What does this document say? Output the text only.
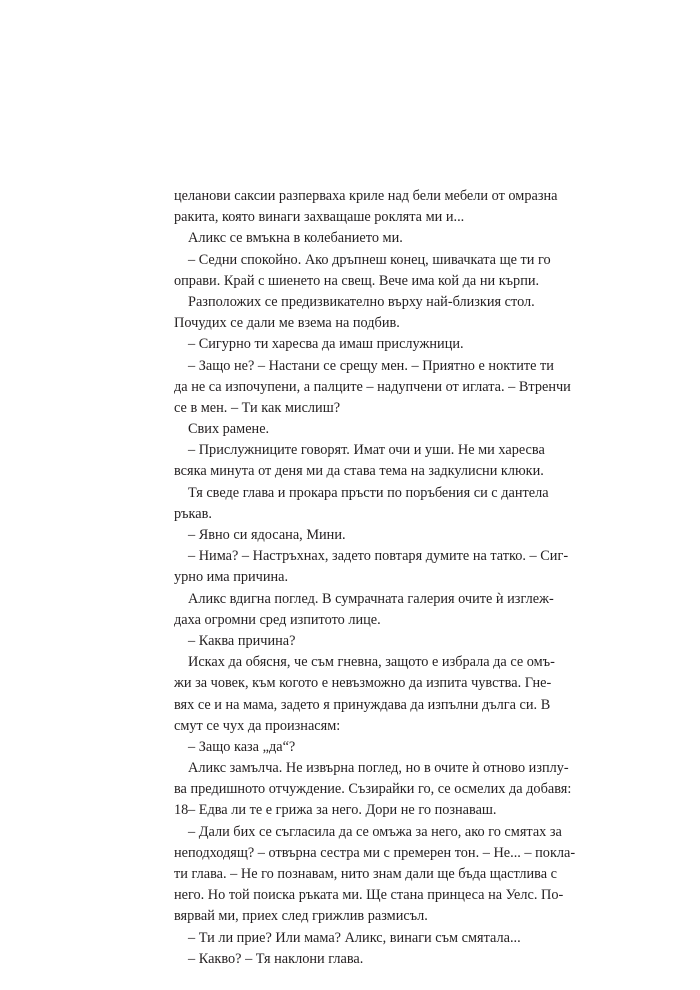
целанови саксии разперваха криле над бели мебели от омразна
ракита, която винаги захващаше роклята ми и...
Аликс се вмъкна в колебанието ми.
– Седни спокойно. Ако дръпнеш конец, шивачката ще ти го
оправи. Край с шиенето на свещ. Вече има кой да ни кърпи.
Разположих се предизвикателно върху най-близкия стол.
Почудих се дали ме взема на подбив.
– Сигурно ти харесва да имаш прислужници.
– Защо не? – Настани се срещу мен. – Приятно е ноктите ти
да не са изпочупени, а палците – надупчени от иглата. – Втренчи
се в мен. – Ти как мислиш?
Свих рамене.
– Прислужниците говорят. Имат очи и уши. Не ми харесва
всяка минута от деня ми да става тема на задкулисни клюки.
Тя сведе глава и прокара пръсти по поръбения си с дантела
ръкав.
– Явно си ядосана, Мини.
– Нима? – Настръхнах, задето повтаря думите на татко. – Сиг-
урно има причина.
Аликс вдигна поглед. В сумрачната галерия очите ѝ изглеж-
даха огромни сред изпитото лице.
– Каква причина?
Исках да обясня, че съм гневна, защото е избрала да се омъ-
жи за човек, към когото е невъзможно да изпита чувства. Гне-
вях се и на мама, задето я принуждава да изпълни дълга си. В
смут се чух да произнасям:
– Защо каза „да“?
Аликс замълча. Не извърна поглед, но в очите ѝ отново изплу-
ва предишното отчуждение. Съзирайки го, се осмелих да добавя:
– Едва ли те е грижа за него. Дори не го познаваш.
– Дали бих се съгласила да се омъжа за него, ако го смятах за
неподходящ? – отвърна сестра ми с премерен тон. – Не... – покла-
ти глава. – Не го познавам, нито знам дали ще бъда щастлива с
него. Но той поиска ръката ми. Ще стана принцеса на Уелс. По-
вярвай ми, приех след грижлив размисъл.
– Ти ли прие? Или мама? Аликс, винаги съм смятала...
– Какво? – Тя наклони глава.
18
